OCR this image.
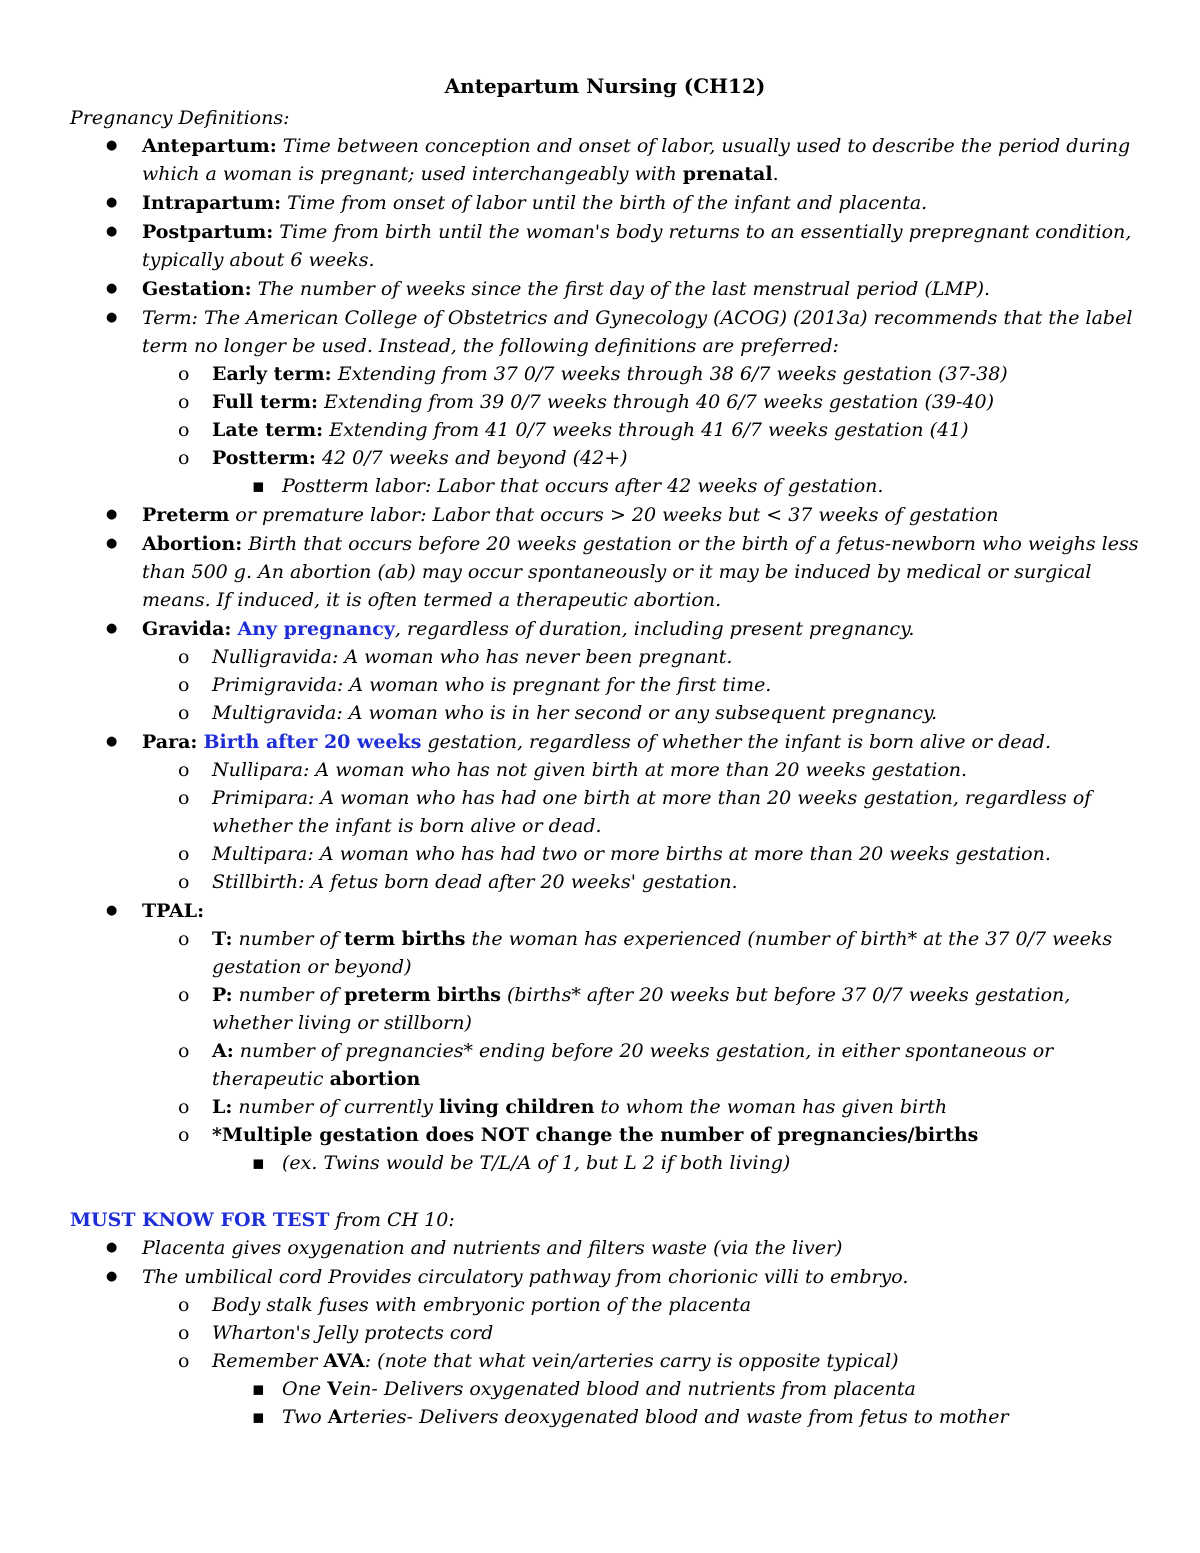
Antepartum Nursing (CH12)

Pregnancy Definitions:

● Antepartum: Time between conception and onset of labor, usually used to describe the period during which a woman is pregnant; used interchangeably with prenatal.
● Intrapartum: Time from onset of labor until the birth of the infant and placenta.
● Postpartum: Time from birth until the woman's body returns to an essentially prepregnant condition, typically about 6 weeks.
● Gestation: The number of weeks since the first day of the last menstrual period (LMP).
● Term: The American College of Obstetrics and Gynecology (ACOG) (2013a) recommends that the label term no longer be used. Instead, the following definitions are preferred:
o Early term: Extending from 37 0/7 weeks through 38 6/7 weeks gestation (37-38)
o Full term: Extending from 39 0/7 weeks through 40 6/7 weeks gestation (39-40)
o Late term: Extending from 41 0/7 weeks through 41 6/7 weeks gestation (41)
o Postterm: 42 0/7 weeks and beyond (42+)
▪ Postterm labor: Labor that occurs after 42 weeks of gestation.
● Preterm or premature labor: Labor that occurs > 20 weeks but < 37 weeks of gestation
● Abortion: Birth that occurs before 20 weeks gestation or the birth of a fetus-newborn who weighs less than 500 g. An abortion (ab) may occur spontaneously or it may be induced by medical or surgical means. If induced, it is often termed a therapeutic abortion.
● Gravida: Any pregnancy, regardless of duration, including present pregnancy.
o Nulligravida: A woman who has never been pregnant.
o Primigravida: A woman who is pregnant for the first time.
o Multigravida: A woman who is in her second or any subsequent pregnancy.
● Para: Birth after 20 weeks gestation, regardless of whether the infant is born alive or dead.
o Nullipara: A woman who has not given birth at more than 20 weeks gestation.
o Primipara: A woman who has had one birth at more than 20 weeks gestation, regardless of whether the infant is born alive or dead.
o Multipara: A woman who has had two or more births at more than 20 weeks gestation.
o Stillbirth: A fetus born dead after 20 weeks' gestation.
● TPAL:
o T: number of term births the woman has experienced (number of birth* at the 37 0/7 weeks gestation or beyond)
o P: number of preterm births (births* after 20 weeks but before 37 0/7 weeks gestation, whether living or stillborn)
o A: number of pregnancies* ending before 20 weeks gestation, in either spontaneous or therapeutic abortion
o L: number of currently living children to whom the woman has given birth
o *Multiple gestation does NOT change the number of pregnancies/births
▪ (ex. Twins would be T/L/A of 1, but L 2 if both living)

MUST KNOW FOR TEST from CH 10:

● Placenta gives oxygenation and nutrients and filters waste (via the liver)
● The umbilical cord Provides circulatory pathway from chorionic villi to embryo.
o Body stalk fuses with embryonic portion of the placenta
o Wharton's Jelly protects cord
o Remember AVA: (note that what vein/arteries carry is opposite typical)
▪ One Vein- Delivers oxygenated blood and nutrients from placenta
▪ Two Arteries- Delivers deoxygenated blood and waste from fetus to mother
